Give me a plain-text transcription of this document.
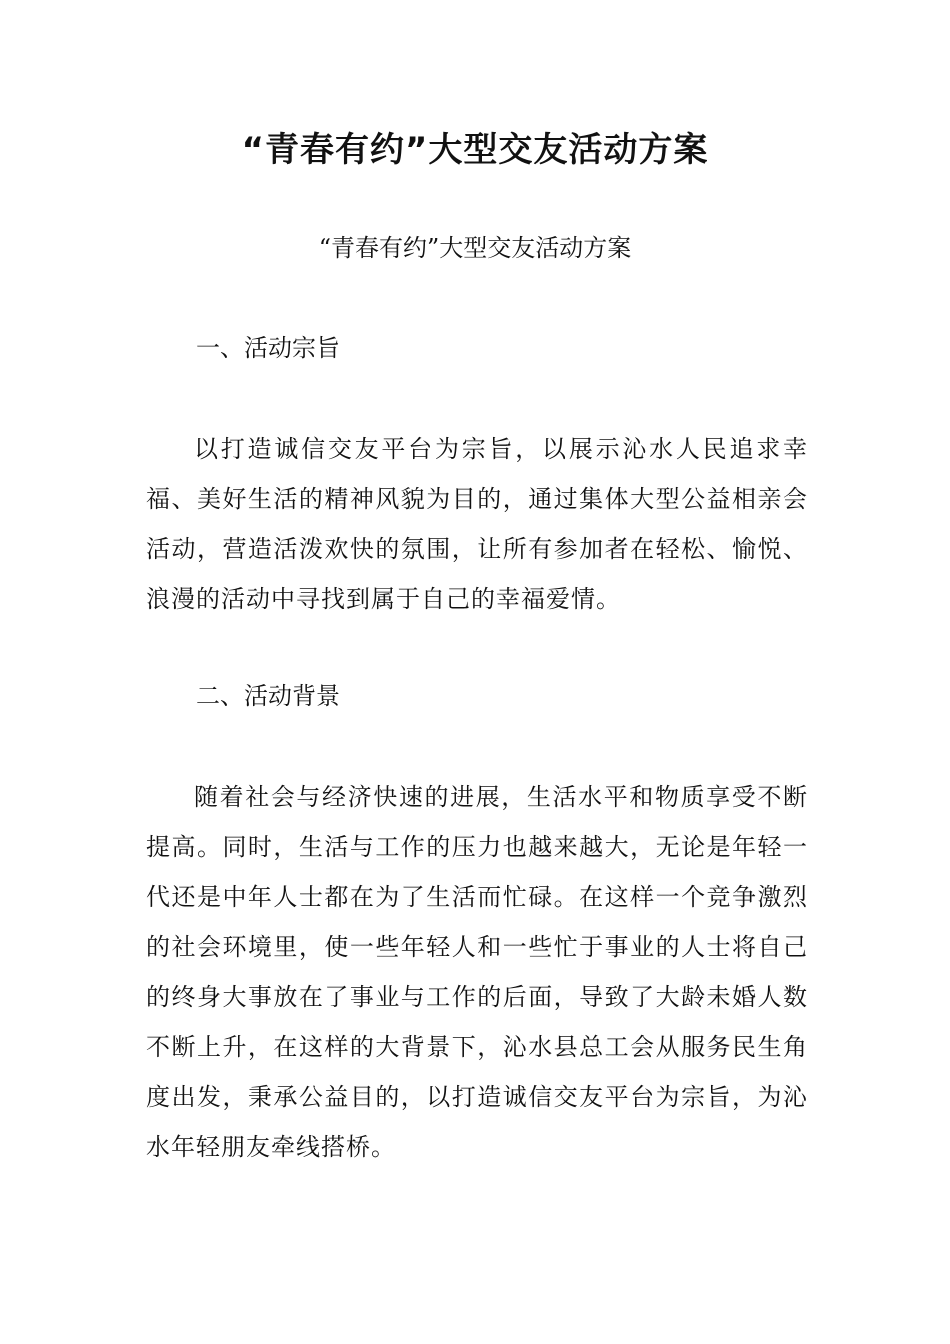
“青春有约”大型交友活动方案

“青春有约”大型交友活动方案

一、活动宗旨

以打造诚信交友平台为宗旨，以展示沁水人民追求幸福、美好生活的精神风貌为目的，通过集体大型公益相亲会活动，营造活泼欢快的氛围，让所有参加者在轻松、愉悦、浪漫的活动中寻找到属于自己的幸福爱情。

二、活动背景

随着社会与经济快速的进展，生活水平和物质享受不断提高。同时，生活与工作的压力也越来越大，无论是年轻一代还是中年人士都在为了生活而忙碌。在这样一个竞争激烈的社会环境里，使一些年轻人和一些忙于事业的人士将自己的终身大事放在了事业与工作的后面，导致了大龄未婚人数不断上升，在这样的大背景下，沁水县总工会从服务民生角度出发，秉承公益目的，以打造诚信交友平台为宗旨，为沁水年轻朋友牵线搭桥。
